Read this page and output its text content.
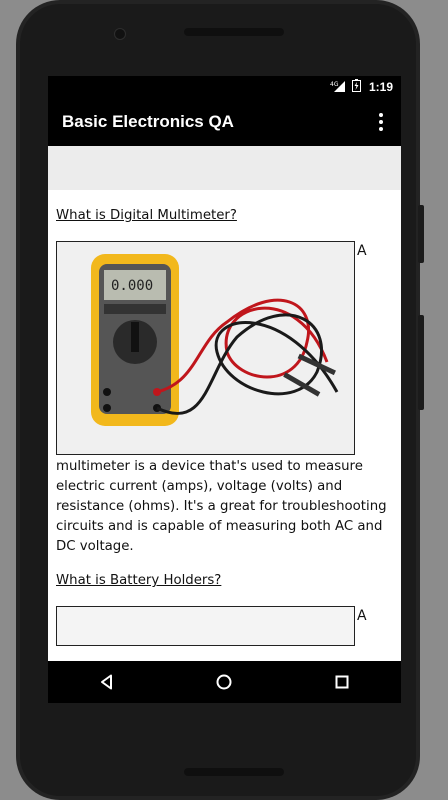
4G	1:19
Basic Electronics QA
What is Digital Multimeter?
0.000
A
multimeter is a device that's used to measure electric current (amps), voltage (volts) and resistance (ohms). It's a great for troubleshooting circuits and is capable of measuring both AC and DC voltage.
What is Battery Holders?
A
